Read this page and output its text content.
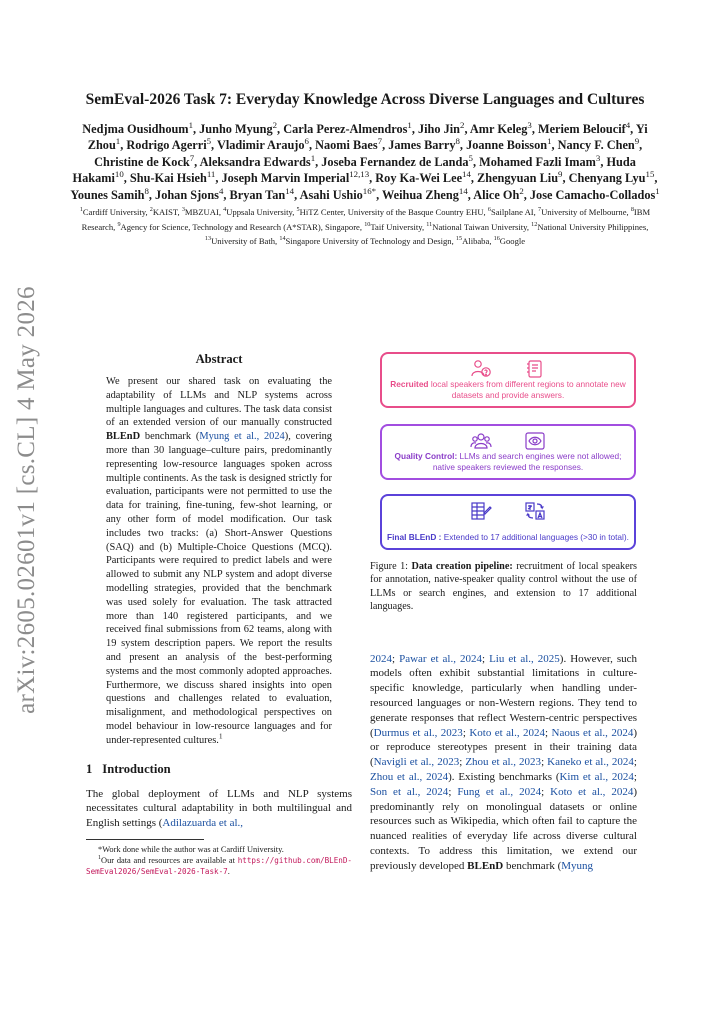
arXiv:2605.02601v1 [cs.CL] 4 May 2026
SemEval-2026 Task 7: Everyday Knowledge Across Diverse Languages and Cultures
Nedjma Ousidhoum$^1$, Junho Myung$^2$, Carla Perez-Almendros$^1$, Jiho Jin$^2$, Amr Keleg$^3$, Meriem Beloucif$^4$, Yi Zhou$^1$, Rodrigo Agerri$^5$, Vladimir Araujo$^6$, Naomi Baes$^7$, James Barry$^8$, Joanne Boisson$^1$, Nancy F. Chen$^9$, Christine de Kock$^7$, Aleksandra Edwards$^1$, Joseba Fernandez de Landa$^5$, Mohamed Fazli Imam$^3$, Huda Hakami$^{10}$, Shu-Kai Hsieh$^{11}$, Joseph Marvin Imperial$^{12,13}$, Roy Ka-Wei Lee$^{14}$, Zhengyuan Liu$^9$, Chenyang Lyu$^{15}$, Younes Samih$^8$, Johan Sjons$^4$, Bryan Tan$^{14}$, Asahi Ushio$^{16*}$, Weihua Zheng$^{14}$, Alice Oh$^2$, Jose Camacho-Collados$^1$
$^1$Cardiff University, $^2$KAIST, $^3$MBZUAI, $^4$Uppsala University, $^5$HiTZ Center, University of the Basque Country EHU, $^6$Sailplane AI, $^7$University of Melbourne, $^8$IBM Research, $^9$Agency for Science, Technology and Research (A*STAR), Singapore, $^{10}$Taif University, $^{11}$National Taiwan University, $^{12}$National University Philippines, $^{13}$University of Bath, $^{14}$Singapore University of Technology and Design, $^{15}$Alibaba, $^{16}$Google
Abstract
We present our shared task on evaluating the adaptability of LLMs and NLP systems across multiple languages and cultures. The task data consist of an extended version of our manually constructed BLEnD benchmark (Myung et al., 2024), covering more than 30 language–culture pairs, predominantly representing low-resource languages spoken across multiple continents. As the task is designed strictly for evaluation, participants were not permitted to use the data for training, fine-tuning, few-shot learning, or any other form of model modification. Our task includes two tracks: (a) Short-Answer Questions (SAQ) and (b) Multiple-Choice Questions (MCQ). Participants were required to predict labels and were allowed to submit any NLP system and adopt diverse modelling strategies, provided that the benchmark was used solely for evaluation. The task attracted more than 140 registered participants, and we received final submissions from 62 teams, along with 19 system description papers. We report the results and present an analysis of the best-performing systems and the most commonly adopted approaches. Furthermore, we discuss shared insights into open questions and challenges related to evaluation, misalignment, and methodological perspectives on model behaviour in low-resource languages and for under-represented cultures.$^1$
1 Introduction
The global deployment of LLMs and NLP systems necessitates cultural adaptability in both multilingual and English settings (Adilazuarda et al.,
*Work done while the author was at Cardiff University.
$^1$Our data and resources are available at https://github.com/BLEnD-SemEval2026/SemEval-2026-Task-7.

Recruited local speakers from different regions to annotate new datasets and provide answers.

Quality Control: LLMs and search engines were not allowed; native speakers reviewed the responses.

Final BLEnD : Extended to 17 additional languages (>30 in total).
Figure 1: Data creation pipeline: recruitment of local speakers for annotation, native-speaker quality control without the use of LLMs or search engines, and extension to 17 additional languages.
2024; Pawar et al., 2024; Liu et al., 2025). However, such models often exhibit substantial limitations in culture-specific knowledge, particularly when handling under-resourced languages or non-Western regions. They tend to generate responses that reflect Western-centric perspectives (Durmus et al., 2023; Koto et al., 2024; Naous et al., 2024) or reproduce stereotypes present in their training data (Navigli et al., 2023; Zhou et al., 2023; Kaneko et al., 2024; Zhou et al., 2024). Existing benchmarks (Kim et al., 2024; Son et al., 2024; Fung et al., 2024; Koto et al., 2024) predominantly rely on monolingual datasets or online resources such as Wikipedia, which often fail to capture the nuanced realities of everyday life across diverse cultural contexts. To address this limitation, we extend our previously developed BLEnD benchmark (Myung
